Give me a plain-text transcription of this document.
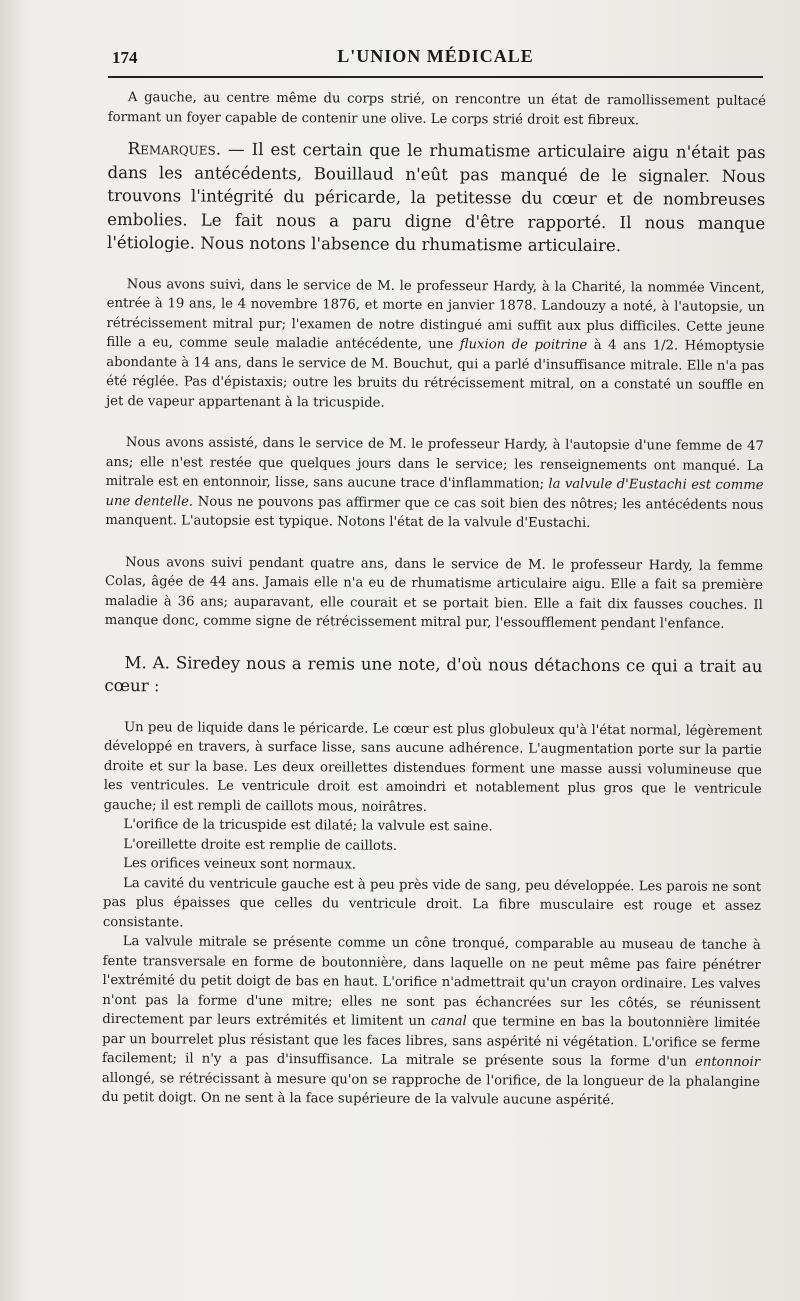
174	L'UNION MÉDICALE

A gauche, au centre même du corps strié, on rencontre un état de ramollissement pultacé formant un foyer capable de contenir une olive. Le corps strié droit est fibreux.

Remarques. — Il est certain que le rhumatisme articulaire aigu n'était pas dans les antécédents, Bouillaud n'eût pas manqué de le signaler. Nous trouvons l'intégrité du péricarde, la petitesse du cœur et de nombreuses embolies. Le fait nous a paru digne d'être rapporté. Il nous manque l'étiologie. Nous notons l'absence du rhumatisme articulaire.

Nous avons suivi, dans le service de M. le professeur Hardy, à la Charité, la nommée Vincent, entrée à 19 ans, le 4 novembre 1876, et morte en janvier 1878. Landouzy a noté, à l'autopsie, un rétrécissement mitral pur; l'examen de notre distingué ami suffit aux plus difficiles. Cette jeune fille a eu, comme seule maladie antécédente, une fluxion de poitrine à 4 ans 1/2. Hémoptysie abondante à 14 ans, dans le service de M. Bouchut, qui a parlé d'insuffisance mitrale. Elle n'a pas été réglée. Pas d'épistaxis; outre les bruits du rétrécissement mitral, on a constaté un souffle en jet de vapeur appartenant à la tricuspide.

Nous avons assisté, dans le service de M. le professeur Hardy, à l'autopsie d'une femme de 47 ans; elle n'est restée que quelques jours dans le service; les renseignements ont manqué. La mitrale est en entonnoir, lisse, sans aucune trace d'inflammation; la valvule d'Eustachi est comme une dentelle. Nous ne pouvons pas affirmer que ce cas soit bien des nôtres; les antécédents nous manquent. L'autopsie est typique. Notons l'état de la valvule d'Eustachi.

Nous avons suivi pendant quatre ans, dans le service de M. le professeur Hardy, la femme Colas, âgée de 44 ans. Jamais elle n'a eu de rhumatisme articulaire aigu. Elle a fait sa première maladie à 36 ans; auparavant, elle courait et se portait bien. Elle a fait dix fausses couches. Il manque donc, comme signe de rétrécissement mitral pur, l'essoufflement pendant l'enfance.

M. A. Siredey nous a remis une note, d'où nous détachons ce qui a trait au cœur :

Un peu de liquide dans le péricarde. Le cœur est plus globuleux qu'à l'état normal, légèrement développé en travers, à surface lisse, sans aucune adhérence. L'augmentation porte sur la partie droite et sur la base. Les deux oreillettes distendues forment une masse aussi volumineuse que les ventricules. Le ventricule droit est amoindri et notablement plus gros que le ventricule gauche; il est rempli de caillots mous, noirâtres.

L'orifice de la tricuspide est dilaté; la valvule est saine.

L'oreillette droite est remplie de caillots.

Les orifices veineux sont normaux.

La cavité du ventricule gauche est à peu près vide de sang, peu développée. Les parois ne sont pas plus épaisses que celles du ventricule droit. La fibre musculaire est rouge et assez consistante.

La valvule mitrale se présente comme un cône tronqué, comparable au museau de tanche à fente transversale en forme de boutonnière, dans laquelle on ne peut même pas faire pénétrer l'extrémité du petit doigt de bas en haut. L'orifice n'admettrait qu'un crayon ordinaire. Les valves n'ont pas la forme d'une mitre; elles ne sont pas échancrées sur les côtés, se réunissent directement par leurs extrémités et limitent un canal que termine en bas la boutonnière limitée par un bourrelet plus résistant que les faces libres, sans aspérité ni végétation. L'orifice se ferme facilement; il n'y a pas d'insuffisance. La mitrale se présente sous la forme d'un entonnoir allongé, se rétrécissant à mesure qu'on se rapproche de l'orifice, de la longueur de la phalangine du petit doigt. On ne sent à la face supérieure de la valvule aucune aspérité.
